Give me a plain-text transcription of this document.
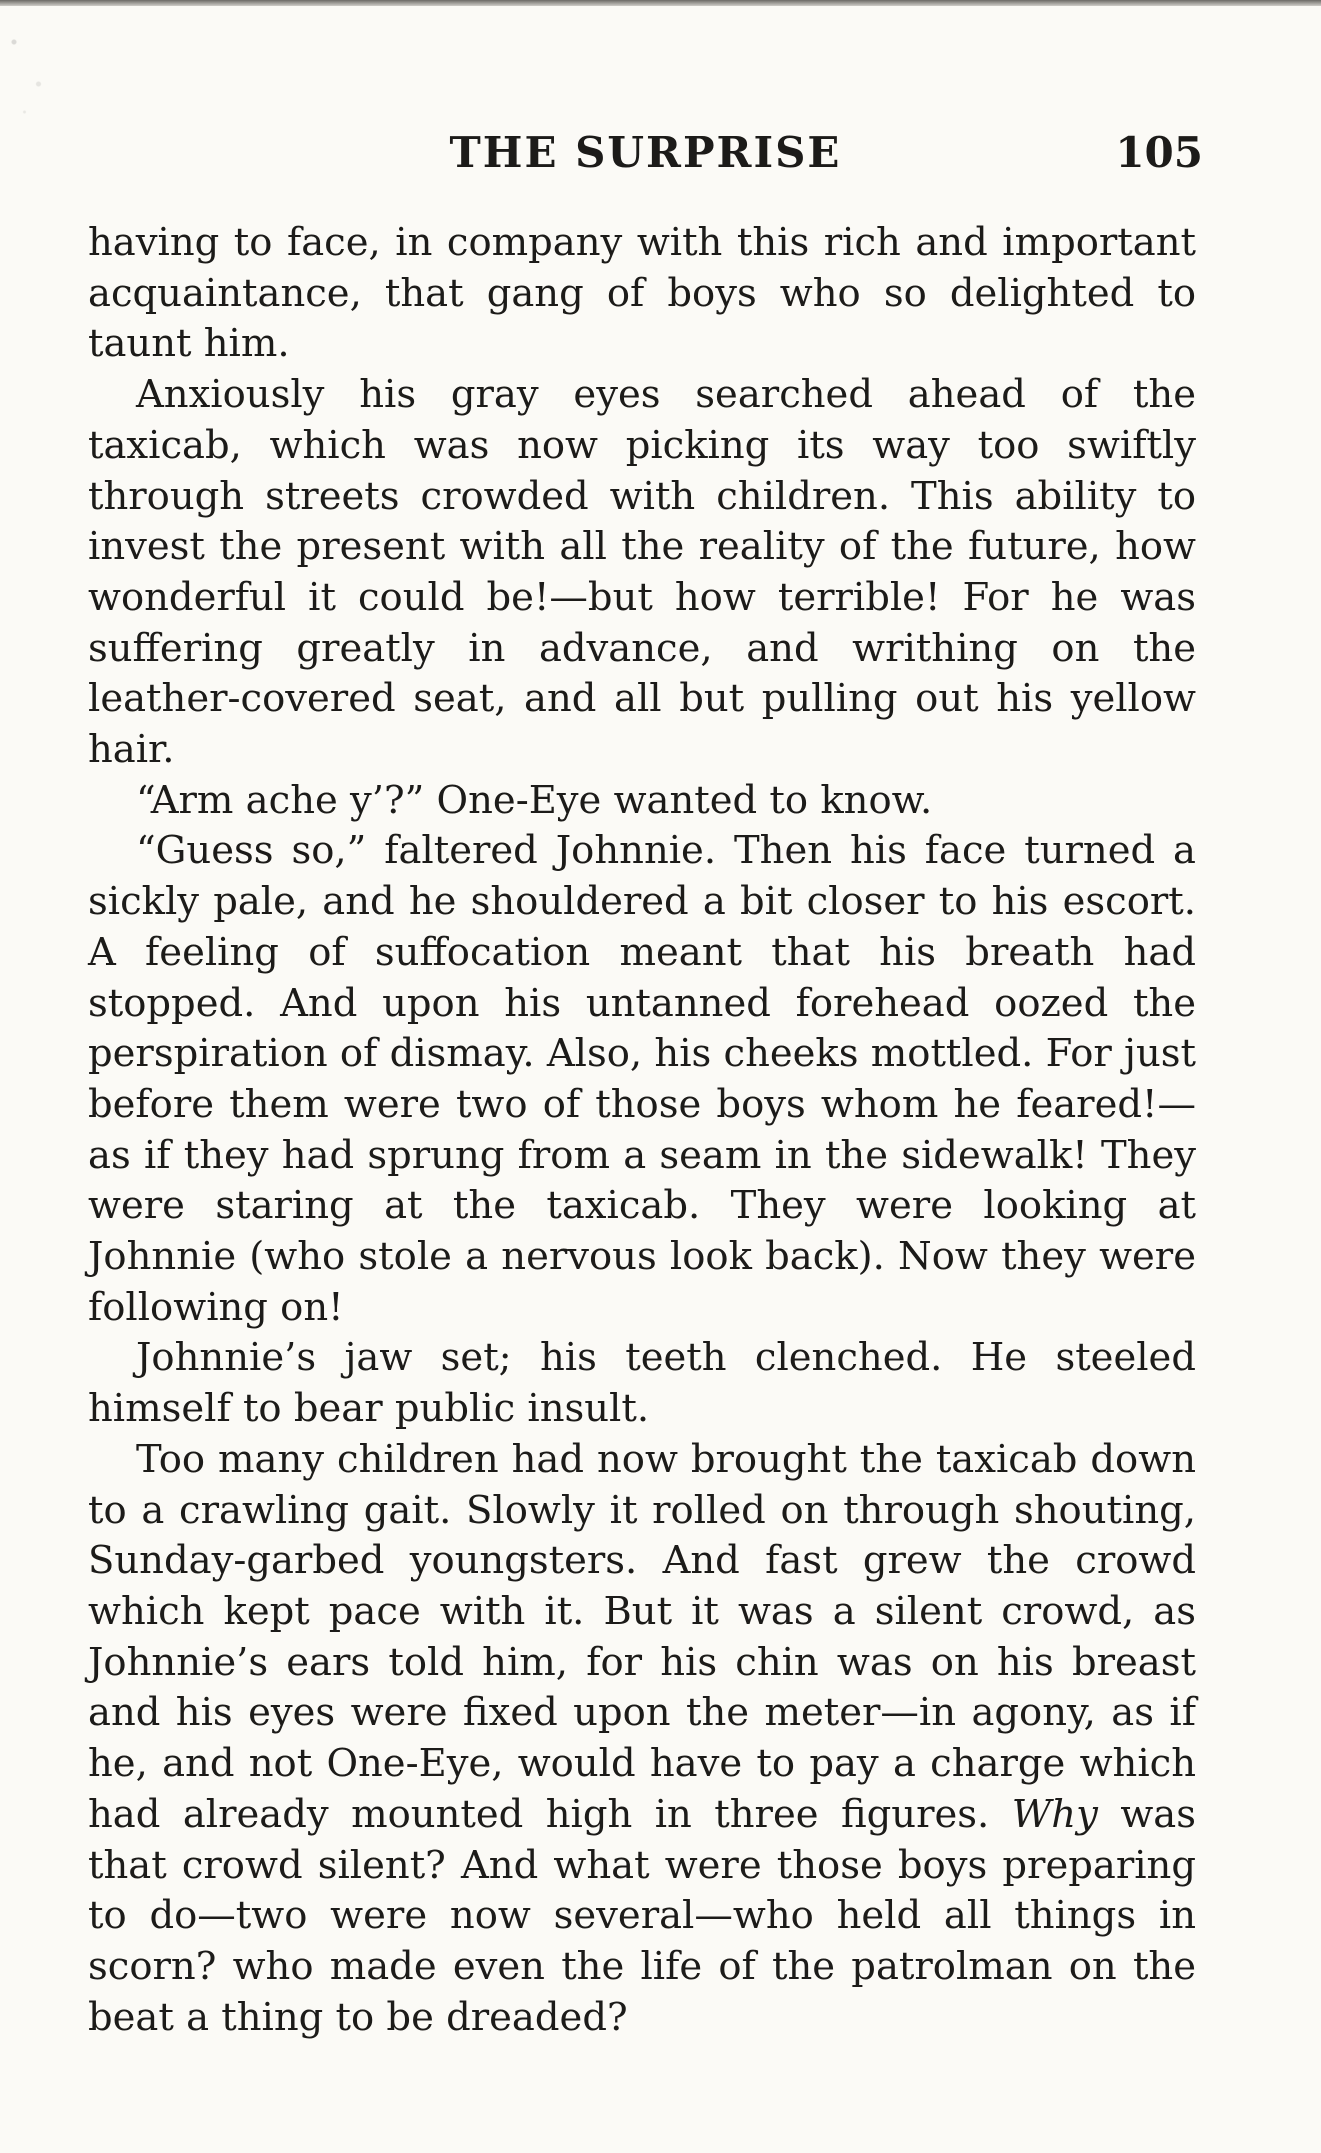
THE SURPRISE	105

having to face, in company with this rich and important acquaintance, that gang of boys who so delighted to taunt him.

Anxiously his gray eyes searched ahead of the taxicab, which was now picking its way too swiftly through streets crowded with children. This ability to invest the present with all the reality of the future, how wonderful it could be!—but how terrible! For he was suffering greatly in advance, and writhing on the leather-covered seat, and all but pulling out his yellow hair.

“Arm ache y’?” One-Eye wanted to know.

“Guess so,” faltered Johnnie. Then his face turned a sickly pale, and he shouldered a bit closer to his escort. A feeling of suffocation meant that his breath had stopped. And upon his untanned forehead oozed the perspiration of dismay. Also, his cheeks mottled. For just before them were two of those boys whom he feared!—as if they had sprung from a seam in the sidewalk! They were staring at the taxicab. They were looking at Johnnie (who stole a nervous look back). Now they were following on!

Johnnie’s jaw set; his teeth clenched. He steeled himself to bear public insult.

Too many children had now brought the taxicab down to a crawling gait. Slowly it rolled on through shouting, Sunday-garbed youngsters. And fast grew the crowd which kept pace with it. But it was a silent crowd, as Johnnie’s ears told him, for his chin was on his breast and his eyes were fixed upon the meter—in agony, as if he, and not One-Eye, would have to pay a charge which had already mounted high in three figures. Why was that crowd silent? And what were those boys preparing to do—two were now several—who held all things in scorn? who made even the life of the patrolman on the beat a thing to be dreaded?
